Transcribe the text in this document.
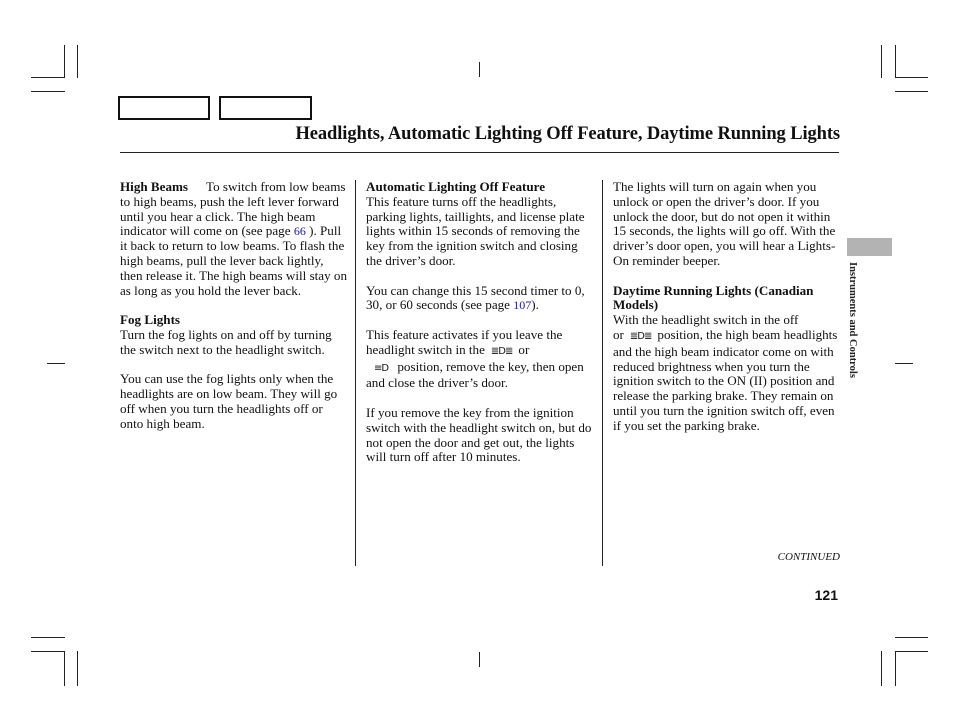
Headlights, Automatic Lighting Off Feature, Daytime Running Lights

High Beams To switch from low beams to high beams, push the left lever forward until you hear a click. The high beam indicator will come on (see page 66 ). Pull it back to return to low beams. To flash the high beams, pull the lever back lightly, then release it. The high beams will stay on as long as you hold the lever back.

Fog Lights
Turn the fog lights on and off by turning the switch next to the headlight switch.

You can use the fog lights only when the headlights are on low beam. They will go off when you turn the headlights off or onto high beam.

Automatic Lighting Off Feature
This feature turns off the headlights, parking lights, taillights, and license plate lights within 15 seconds of removing the key from the ignition switch and closing the driver’s door.

You can change this 15 second timer to 0, 30, or 60 seconds (see page 107).

This feature activates if you leave the headlight switch in the ≣D≣ or
≡D position, remove the key, then open and close the driver’s door.

If you remove the key from the ignition switch with the headlight switch on, but do not open the door and get out, the lights will turn off after 10 minutes.

The lights will turn on again when you unlock or open the driver’s door. If you unlock the door, but do not open it within 15 seconds, the lights will go off. With the driver’s door open, you will hear a Lights-On reminder beeper.

Daytime Running Lights (Canadian Models)
With the headlight switch in the off or ≣D≣ position, the high beam headlights and the high beam indicator come on with reduced brightness when you turn the ignition switch to the ON (II) position and release the parking brake. They remain on until you turn the ignition switch off, even if you set the parking brake.

Instruments and Controls
CONTINUED
121
